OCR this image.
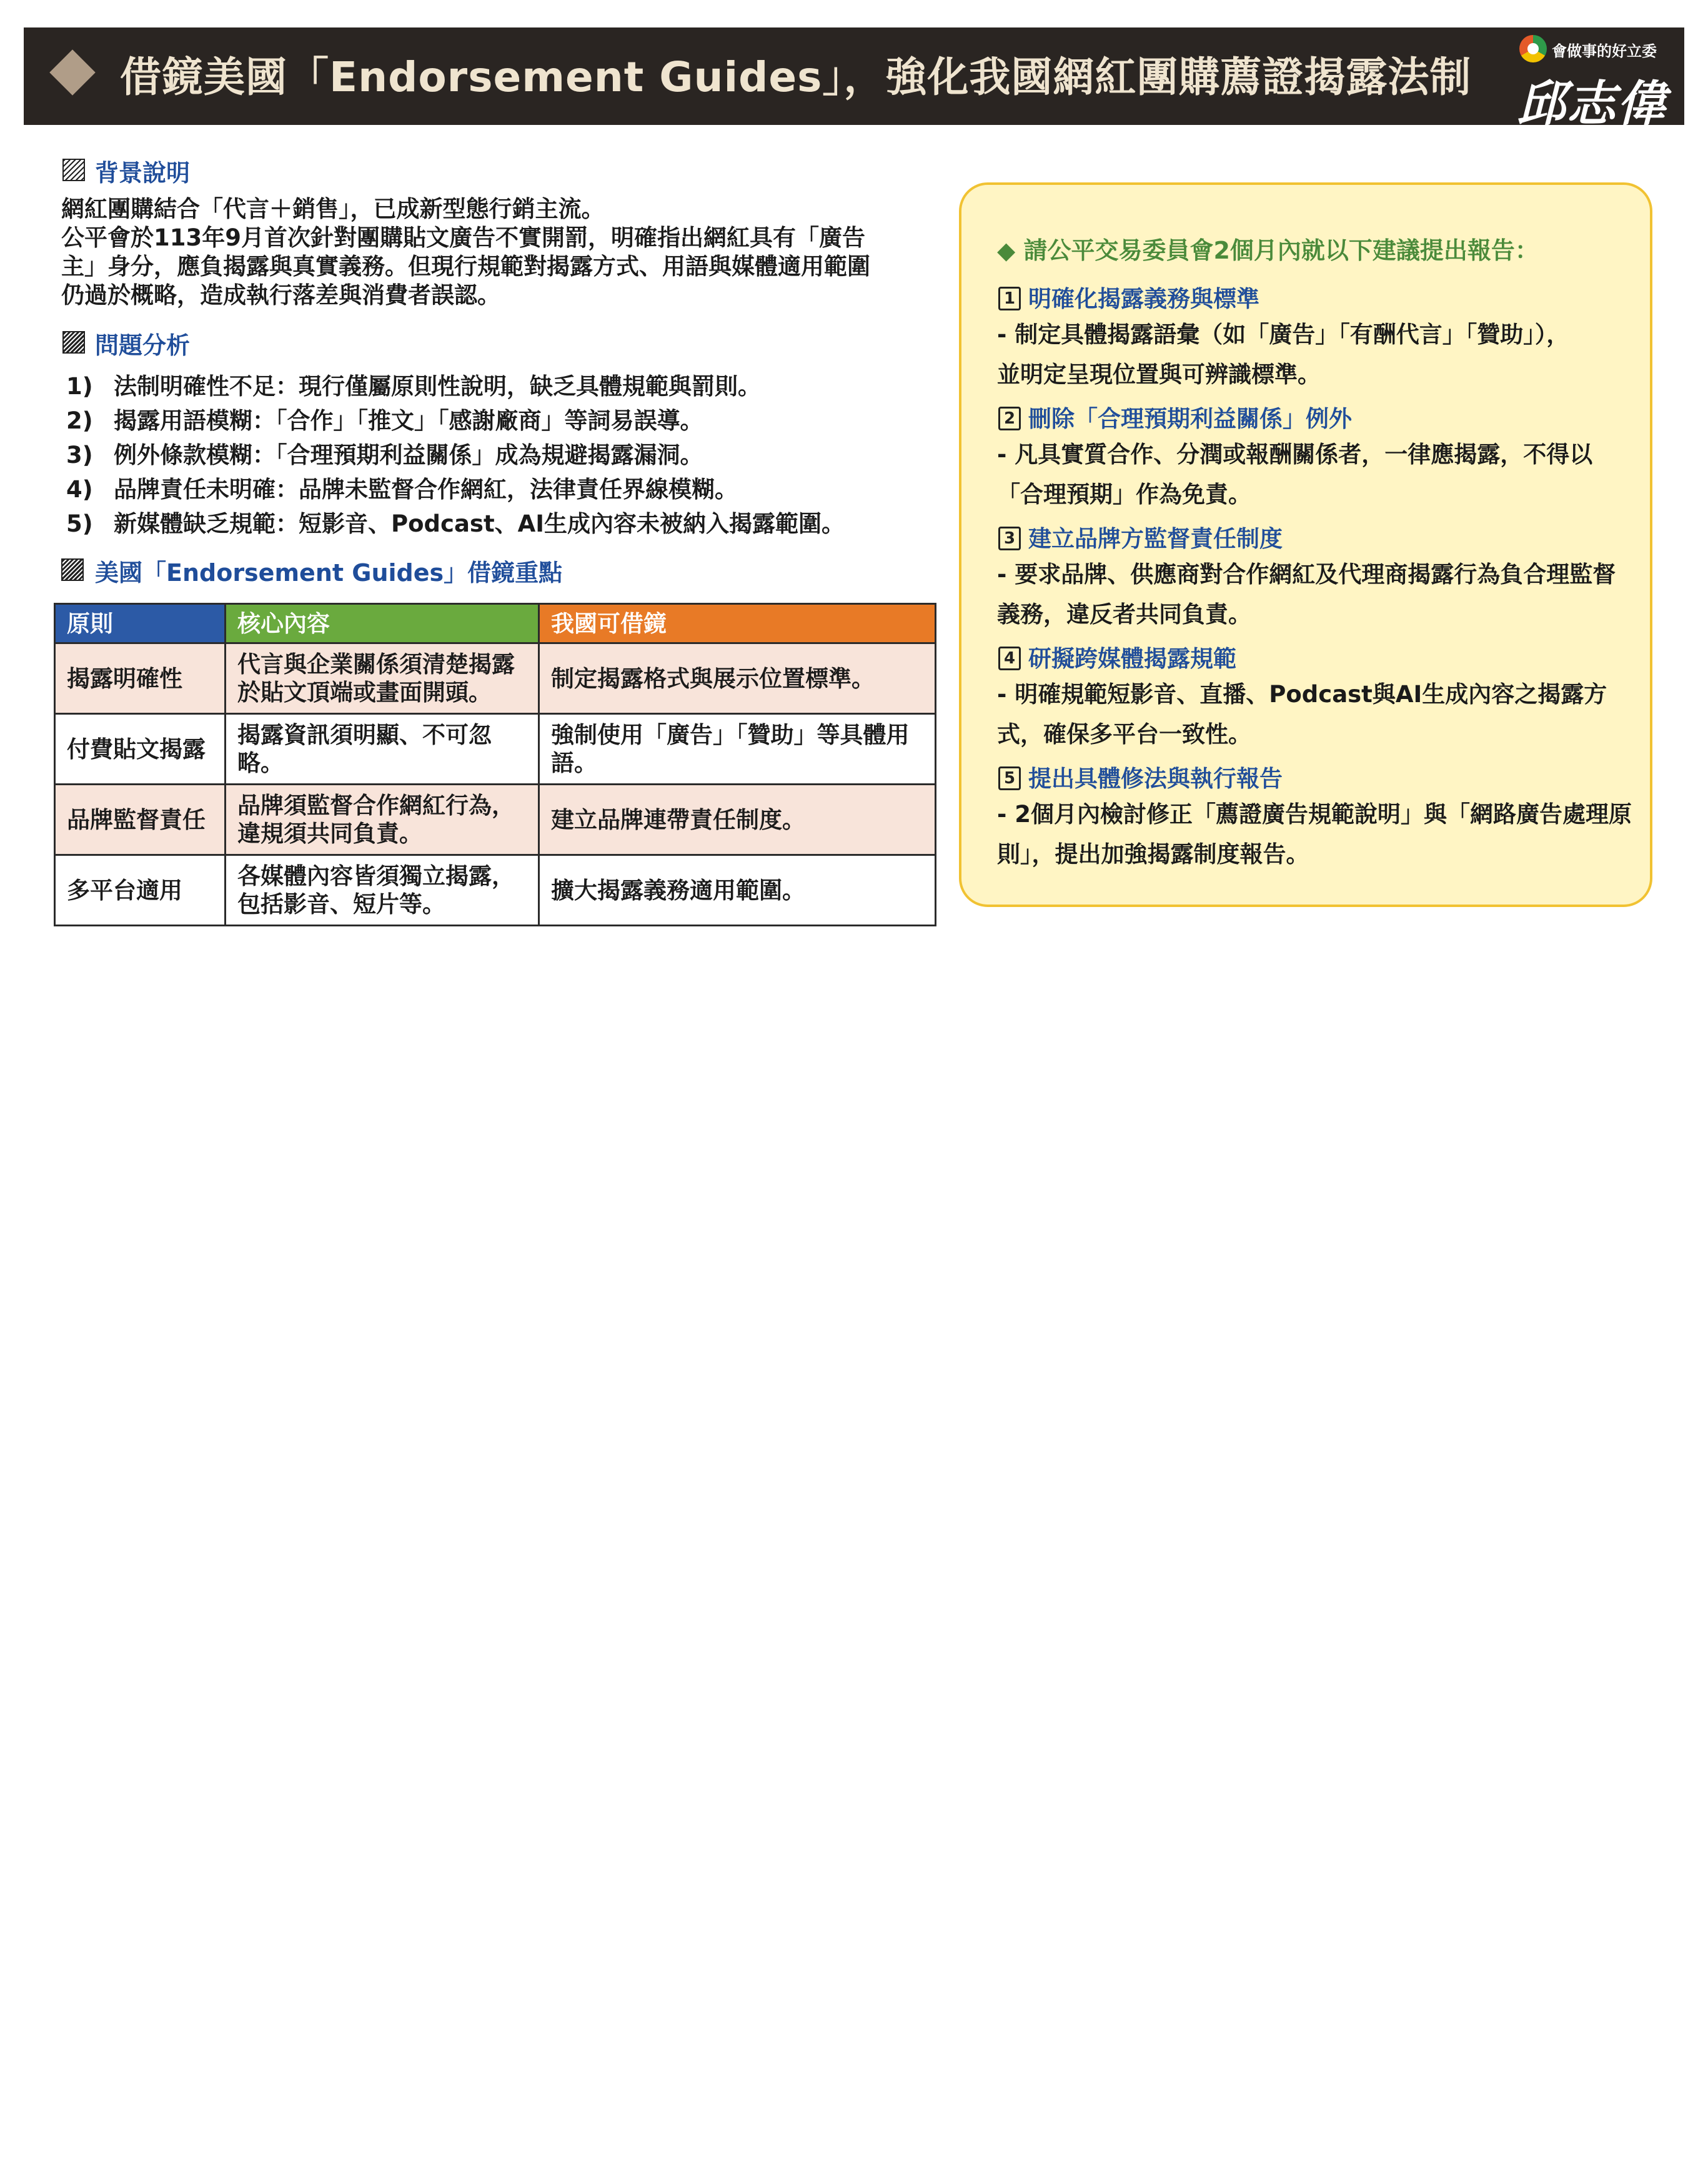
借鏡美國「Endorsement Guides」，強化我國網紅團購薦證揭露法制
會做事的好立委
邱志偉
背景說明
網紅團購結合「代言＋銷售」，已成新型態行銷主流。
公平會於113年9月首次針對團購貼文廣告不實開罰，明確指出網紅具有「廣告
主」身分，應負揭露與真實義務。但現行規範對揭露方式、用語與媒體適用範圍
仍過於概略，造成執行落差與消費者誤認。
問題分析
1) 法制明確性不足：現行僅屬原則性說明，缺乏具體規範與罰則。
2) 揭露用語模糊：「合作」「推文」「感謝廠商」等詞易誤導。
3) 例外條款模糊：「合理預期利益關係」成為規避揭露漏洞。
4) 品牌責任未明確：品牌未監督合作網紅，法律責任界線模糊。
5) 新媒體缺乏規範：短影音、Podcast、AI生成內容未被納入揭露範圍。
美國「Endorsement Guides」借鏡重點
原則	核心內容	我國可借鏡
揭露明確性	代言與企業關係須清楚揭露於貼文頂端或畫面開頭。	制定揭露格式與展示位置標準。
付費貼文揭露	揭露資訊須明顯、不可忽略。	強制使用「廣告」「贊助」等具體用語。
品牌監督責任	品牌須監督合作網紅行為，違規須共同負責。	建立品牌連帶責任制度。
多平台適用	各媒體內容皆須獨立揭露，包括影音、短片等。	擴大揭露義務適用範圍。
◆ 請公平交易委員會2個月內就以下建議提出報告：
1 明確化揭露義務與標準
- 制定具體揭露語彙（如「廣告」「有酬代言」「贊助」），
並明定呈現位置與可辨識標準。
2 刪除「合理預期利益關係」例外
- 凡具實質合作、分潤或報酬關係者，一律應揭露，不得以
「合理預期」作為免責。
3 建立品牌方監督責任制度
- 要求品牌、供應商對合作網紅及代理商揭露行為負合理監督
義務，違反者共同負責。
4 研擬跨媒體揭露規範
- 明確規範短影音、直播、Podcast與AI生成內容之揭露方
式，確保多平台一致性。
5 提出具體修法與執行報告
- 2個月內檢討修正「薦證廣告規範說明」與「網路廣告處理原
則」，提出加強揭露制度報告。
